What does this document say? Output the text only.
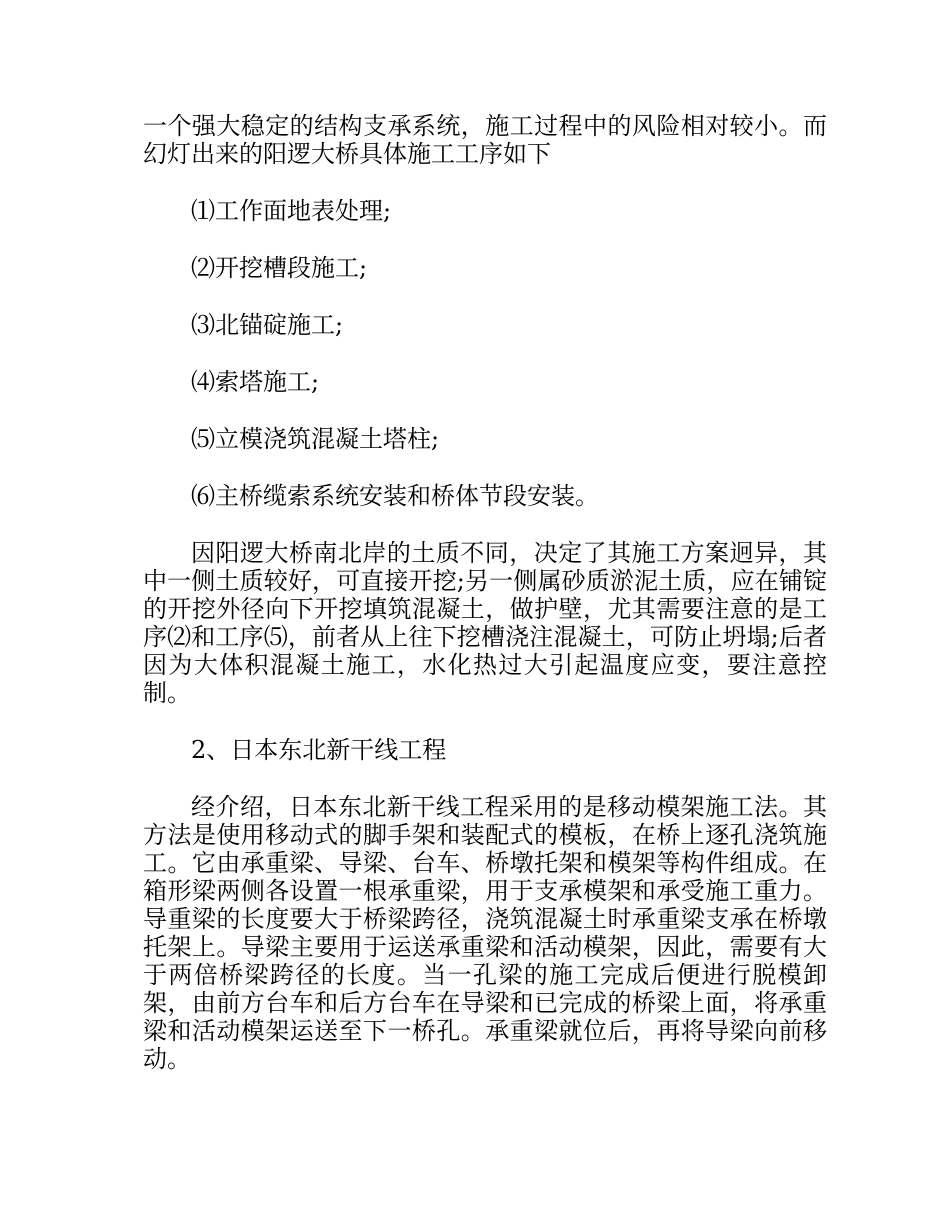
一个强大稳定的结构支承系统，施工过程中的风险相对较小。而幻灯出来的阳逻大桥具体施工工序如下

⑴工作面地表处理;

⑵开挖槽段施工;

⑶北锚碇施工;

⑷索塔施工;

⑸立模浇筑混凝土塔柱;

⑹主桥缆索系统安装和桥体节段安装。

因阳逻大桥南北岸的土质不同，决定了其施工方案迥异，其中一侧土质较好，可直接开挖;另一侧属砂质淤泥土质，应在铺锭的开挖外径向下开挖填筑混凝土，做护壁，尤其需要注意的是工序⑵和工序⑸，前者从上往下挖槽浇注混凝土，可防止坍塌;后者因为大体积混凝土施工，水化热过大引起温度应变，要注意控制。

2、日本东北新干线工程

经介绍，日本东北新干线工程采用的是移动模架施工法。其方法是使用移动式的脚手架和装配式的模板，在桥上逐孔浇筑施工。它由承重梁、导梁、台车、桥墩托架和模架等构件组成。在箱形梁两侧各设置一根承重梁，用于支承模架和承受施工重力。导重梁的长度要大于桥梁跨径，浇筑混凝土时承重梁支承在桥墩托架上。导梁主要用于运送承重梁和活动模架，因此，需要有大于两倍桥梁跨径的长度。当一孔梁的施工完成后便进行脱模卸架，由前方台车和后方台车在导梁和已完成的桥梁上面，将承重梁和活动模架运送至下一桥孔。承重梁就位后，再将导梁向前移动。
